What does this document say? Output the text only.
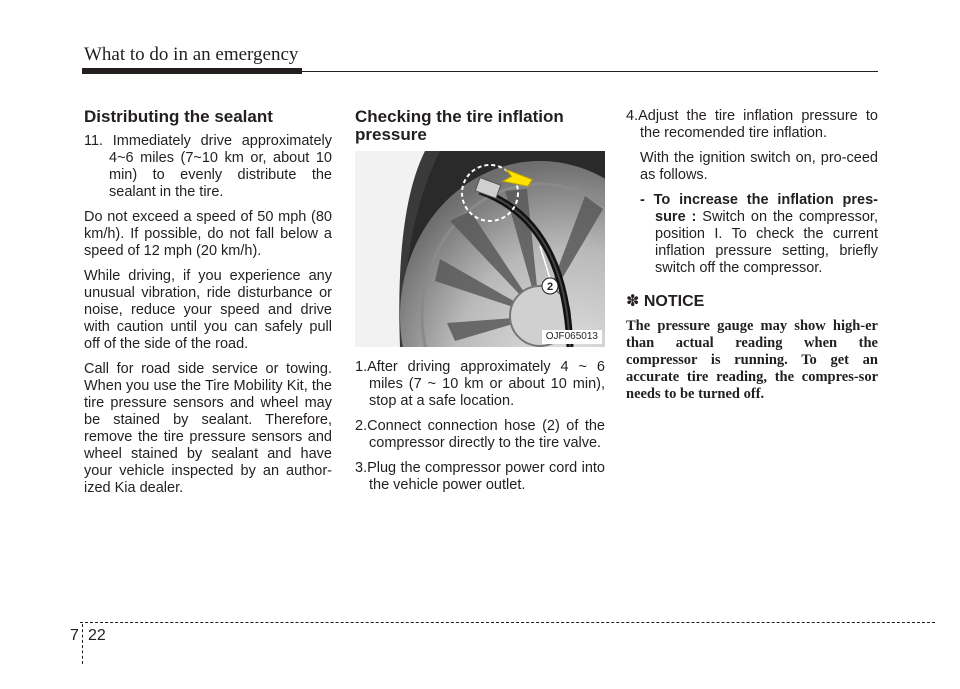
What to do in an emergency
Distributing the sealant

11. Immediately drive approximately 4~6 miles (7~10 km or, about 10 min) to evenly distribute the sealant in the tire.

Do not exceed a speed of 50 mph (80 km/h). If possible, do not fall below a speed of 12 mph (20 km/h).

While driving, if you experience any unusual vibration, ride disturbance or noise, reduce your speed and drive with caution until you can safely pull off of the side of the road.

Call for road side service or towing. When you use the Tire Mobility Kit, the tire pressure sensors and wheel may be stained by sealant. Therefore, remove the tire pressure sensors and wheel stained by sealant and have your vehicle inspected by an author-ized Kia dealer.

Checking the tire inflation pressure
2
OJF065013

1.After driving approximately 4 ~ 6 miles (7 ~ 10 km or about 10 min), stop at a safe location.

2.Connect connection hose (2) of the compressor directly to the tire valve.

3.Plug the compressor power cord into the vehicle power outlet.

4.Adjust the tire inflation pressure to the recomended tire inflation.

With the ignition switch on, pro-ceed as follows.

- To increase the inflation pres-sure : Switch on the compressor, position I. To check the current inflation pressure setting, briefly switch off the compressor.

✽ NOTICE
The pressure gauge may show high-er than actual reading when the compressor is running. To get an accurate tire reading, the compres-sor needs to be turned off.
7 22
